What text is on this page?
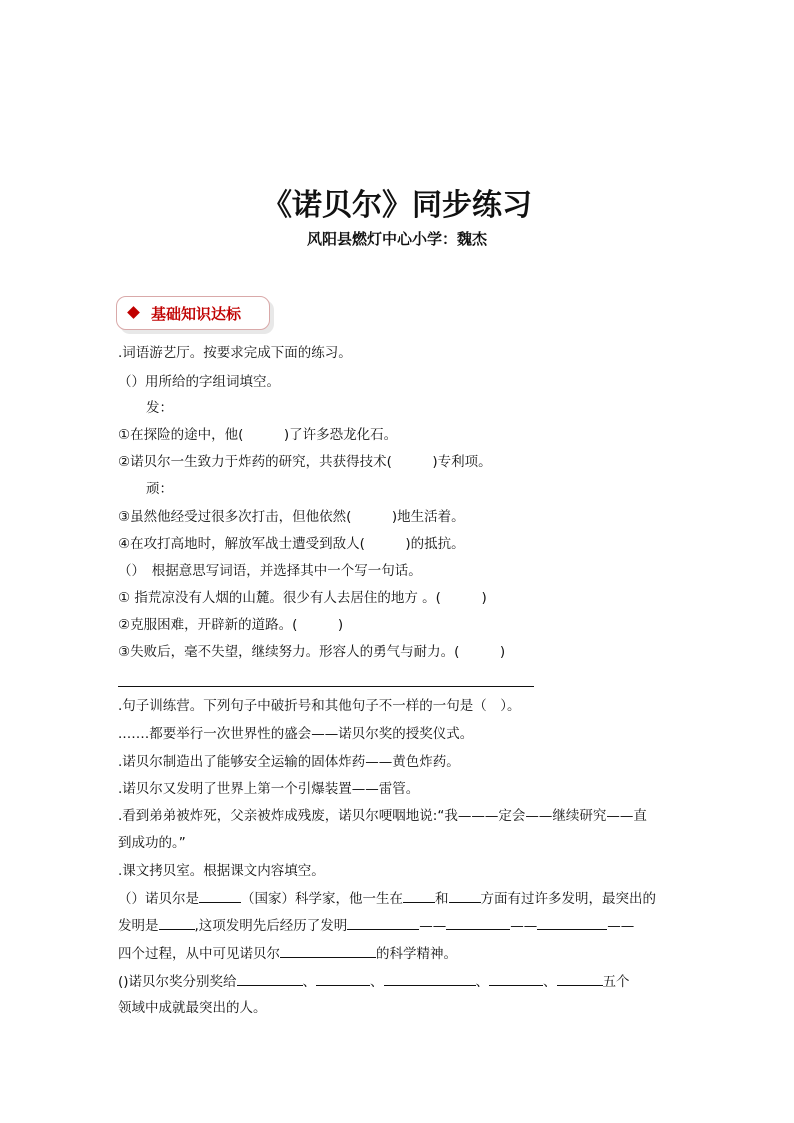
《诺贝尔》同步练习
风阳县燃灯中心小学：魏杰
基础知识达标
.词语游艺厅。按要求完成下面的练习。
（）用所给的字组词填空。
发：
①在探险的途中，他(　　　)了许多恐龙化石。
②诺贝尔一生致力于炸药的研究，共获得技术(　　　)专利项。
顽：
③虽然他经受过很多次打击，但他依然(　　　)地生活着。
④在攻打高地时，解放军战士遭受到敌人(　　　)的抵抗。
（）　根据意思写词语，并选择其中一个写一句话。
① 指荒凉没有人烟的山麓。很少有人去居住的地方 。(　　　)
②克服困难，开辟新的道路。(　　　)
③失败后，毫不失望，继续努力。形容人的勇气与耐力。(　　　)
.句子训练营。下列句子中破折号和其他句子不一样的一句是（　）。
.……都要举行一次世界性的盛会——诺贝尔奖的授奖仪式。
.诺贝尔制造出了能够安全运输的固体炸药——黄色炸药。
.诺贝尔又发明了世界上第一个引爆装置——雷管。
.看到弟弟被炸死，父亲被炸成残废，诺贝尔哽咽地说:“我———定会——继续研究——直
到成功的。”
.课文拷贝室。根据课文内容填空。
（）诺贝尔是	（国家）科学家，他一生在 和 方面有过许多发明，最突出的
发明是	,这项发明先后经历了发明	——	——	——
四个过程，从中可见诺贝尔	的科学精神。
()诺贝尔奖分别奖给	、	、	、	、	五个
领域中成就最突出的人。
